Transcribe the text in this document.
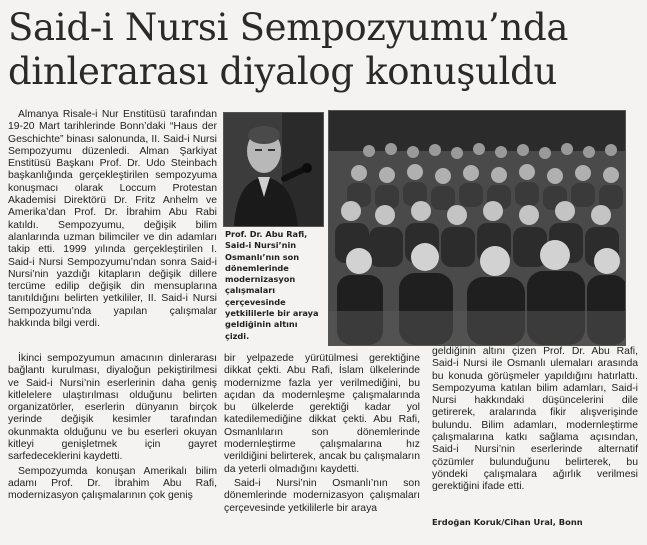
Said-i Nursi Sempozyumu’nda dinlerarası diyalog konuşuldu

Almanya Risale-i Nur Enstitüsü tarafından 19-20 Mart tarihlerinde Bonn’daki “Haus der Geschichte” binası salonunda, II. Said-i Nursi Sempozyumu düzenledi. Alman Şarkiyat Enstitüsü Başkanı Prof. Dr. Udo Steinbach başkanlığında gerçekleştirilen sempozyuma konuşmacı olarak Loccum Protestan Akademisi Direktörü Dr. Fritz Anhelm ve Amerika’dan Prof. Dr. İbrahim Abu Rabi katıldı. Sempozyumu, değişik bilim alanlarında uzman bilimciler ve din adamları takip etti. 1999 yılında gerçekleştirilen I. Said-i Nursi Sempozyumu’ndan sonra Said-i Nursi’nin yazdığı kitapların değişik dillere tercüme edilip değişik din mensuplarına tanıtıldığını belirten yetkililer, II. Said-i Nursi Sempozyumu’nda yapılan çalışmalar hakkında bilgi verdi.

Prof. Dr. Abu Rafi, Said-i Nursi’nin Osmanlı’nın son dönemlerinde modernizasyon çalışmaları çerçevesinde yetkililerle bir araya geldiğinin altını çizdi.

İkinci sempozyumun amacının dinlerarası bağlantı kurulması, diyaloğun pekiştirilmesi ve Said-i Nursi’nin eserlerinin daha geniş kitlelelere ulaştırılması olduğunu belirten organizatörler, eserlerin dünyanın birçok yerinde değişik kesimler tarafından okunmakta olduğunu ve bu eserleri okuyan kitleyi genişletmek için gayret sarfedeceklerini kaydetti.

Sempozyumda konuşan Amerikalı bilim adamı Prof. Dr. İbrahim Abu Rafi, modernizasyon çalışmalarının çok geniş

bir yelpazede yürütülmesi gerektiğine dikkat çekti. Abu Rafi, İslam ülkelerinde modernizme fazla yer verilmediğini, bu açıdan da modernleşme çalışmalarında bu ülkelerde gerektiği kadar yol katedilemediğine dikkat çekti. Abu Rafi, Osmanlıların son dönemlerinde modernleştirme çalışmalarına hız verildiğini belirterek, ancak bu çalışmaların da yeterli olmadığını kaydetti.

Said-i Nursi’nin Osmanlı’nın son dönemlerinde modernizasyon çalışmaları çerçevesinde yetkililerle bir araya

geldiğinin altını çizen Prof. Dr. Abu Rafi, Said-i Nursi ile Osmanlı ulemaları arasında bu konuda görüşmeler yapıldığını hatırlattı. Sempozyuma katılan bilim adamları, Said-i Nursi hakkındaki düşüncelerini dile getirerek, aralarında fikir alışverişinde bulundu. Bilim adamları, modernleştirme çalışmalarına katkı sağlama açısından, Said-i Nursi’nin eserlerinde alternatif çözümler bulunduğunu belirterek, bu yöndeki çalışmalara ağırlık verilmesi gerektiğini ifade etti.

Erdoğan Koruk/Cihan Ural, Bonn
